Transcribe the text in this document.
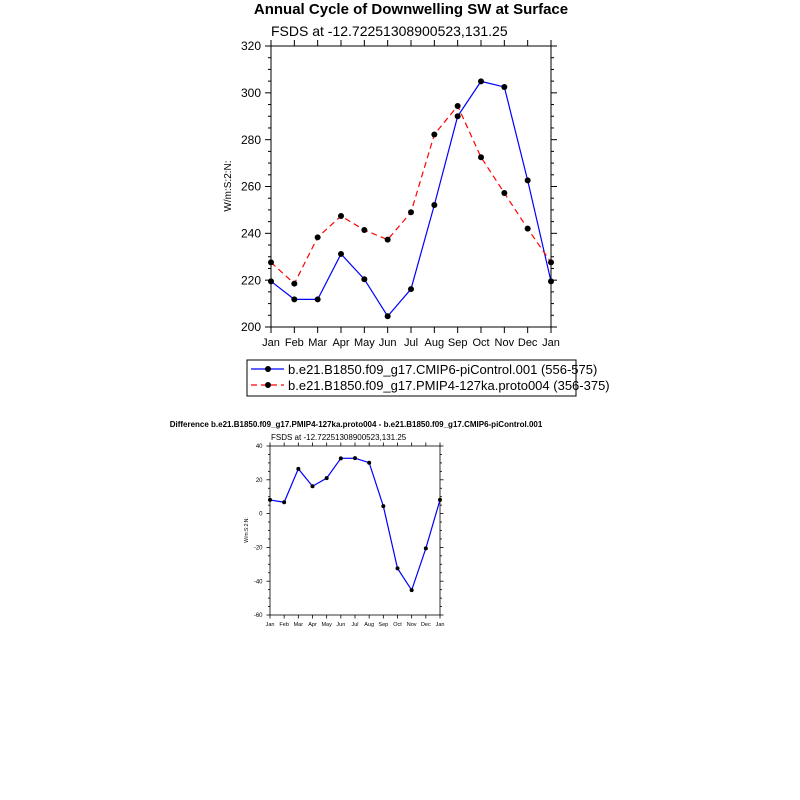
Annual Cycle of Downwelling SW at Surface
FSDS at -12.72251308900523,131.25
W/m:S:2:N:
200
220
240
260
280
300
320
Jan Feb Mar Apr May Jun Jul Aug Sep Oct Nov Dec Jan
b.e21.B1850.f09_g17.CMIP6-piControl.001 (556-575)
b.e21.B1850.f09_g17.PMIP4-127ka.proto004 (356-375)
Difference b.e21.B1850.f09_g17.PMIP4-127ka.proto004 - b.e21.B1850.f09_g17.CMIP6-piControl.001
FSDS at -12.72251308900523,131.25
W/m:S:2:N:
-60
-40
-20
0
20
40
Jan Feb Mar Apr May Jun Jul Aug Sep Oct Nov Dec Jan
